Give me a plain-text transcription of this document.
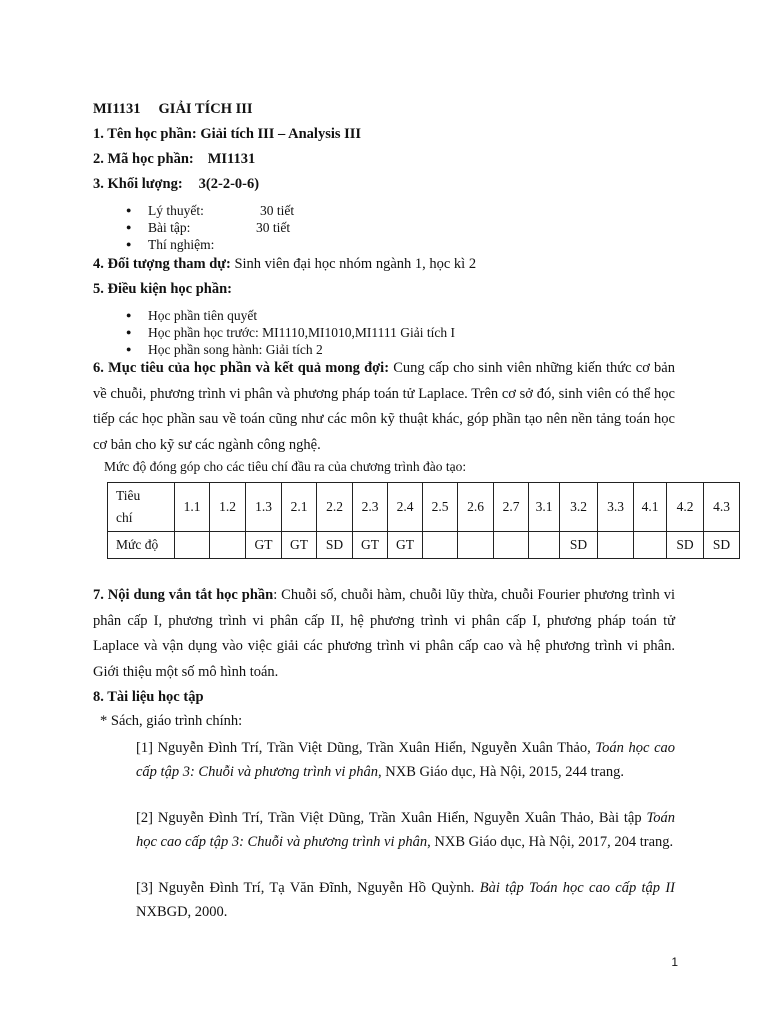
MI1131 GIẢI TÍCH III
1. Tên học phần: Giải tích III – Analysis III
2. Mã học phần: MI1131
3. Khối lượng: 3(2-2-0-6)
● Lý thuyết:	30 tiết
● Bài tập:	30 tiết
● Thí nghiệm:
4. Đối tượng tham dự: Sinh viên đại học nhóm ngành 1, học kì 2
5. Điều kiện học phần:
● Học phần tiên quyết
● Học phần học trước: MI1110,MI1010,MI1111 Giải tích I
● Học phần song hành: Giải tích 2
6. Mục tiêu của học phần và kết quả mong đợi: Cung cấp cho sinh viên những kiến thức cơ bản về chuỗi, phương trình vi phân và phương pháp toán tử Laplace. Trên cơ sở đó, sinh viên có thể học tiếp các học phần sau về toán cũng như các môn kỹ thuật khác, góp phần tạo nên nền tảng toán học cơ bản cho kỹ sư các ngành công nghệ.
Mức độ đóng góp cho các tiêu chí đầu ra của chương trình đào tạo:
Tiêu chí	1.1	1.2	1.3	2.1	2.2	2.3	2.4	2.5	2.6	2.7	3.1	3.2	3.3	4.1	4.2	4.3
Mức độ			GT	GT	SD	GT	GT					SD			SD	SD
7. Nội dung vắn tắt học phần: Chuỗi số, chuỗi hàm, chuỗi lũy thừa, chuỗi Fourier phương trình vi phân cấp I, phương trình vi phân cấp II, hệ phương trình vi phân cấp I, phương pháp toán tử Laplace và vận dụng vào việc giải các phương trình vi phân cấp cao và hệ phương trình vi phân. Giới thiệu một số mô hình toán.
8. Tài liệu học tập
* Sách, giáo trình chính:
[1] Nguyễn Đình Trí, Trần Việt Dũng, Trần Xuân Hiển, Nguyễn Xuân Thảo, Toán học cao cấp tập 3: Chuỗi và phương trình vi phân, NXB Giáo dục, Hà Nội, 2015, 244 trang.
[2] Nguyễn Đình Trí, Trần Việt Dũng, Trần Xuân Hiển, Nguyễn Xuân Thảo, Bài tập Toán học cao cấp tập 3: Chuỗi và phương trình vi phân, NXB Giáo dục, Hà Nội, 2017, 204 trang.
[3] Nguyễn Đình Trí, Tạ Văn Đĩnh, Nguyễn Hồ Quỳnh. Bài tập Toán học cao cấp tập II NXBGD, 2000.
1
